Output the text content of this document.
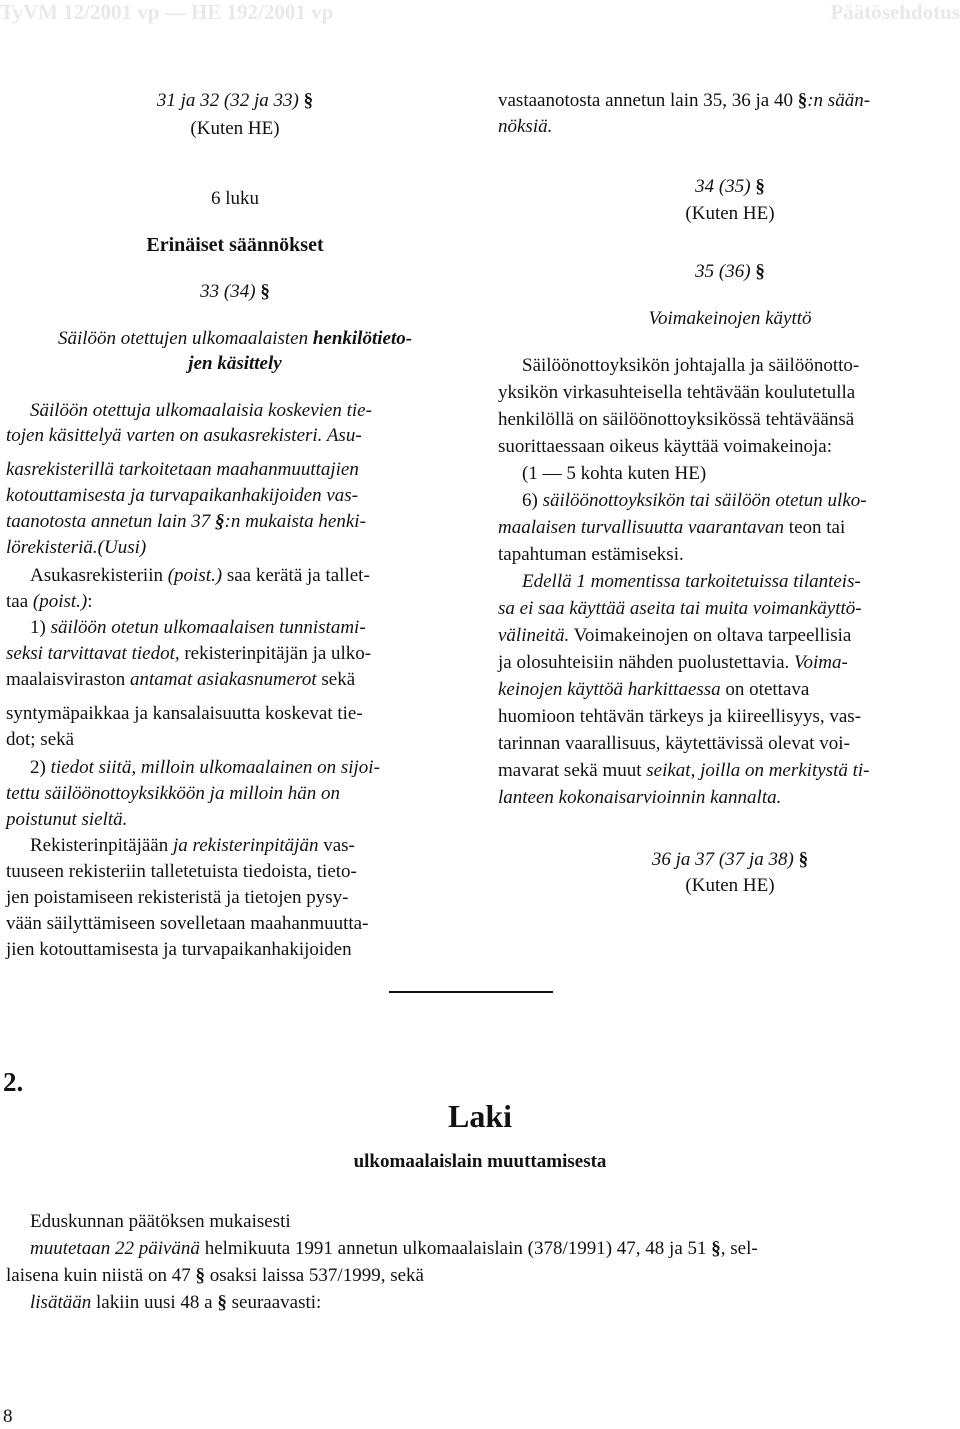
TyVM 12/2001 vp — HE 192/2001 vp	Päätösehdotus
31 ja 32 (32 ja 33) §
(Kuten HE)
6 luku
Erinäiset säännökset
33 (34) §
Säilöön otettujen ulkomaalaisten henkilötieto-
jen käsittely
Säilöön otettuja ulkomaalaisia koskevien tie-
tojen käsittelyä varten on asukasrekisteri. Asu-
kasrekisterillä tarkoitetaan maahanmuuttajien
kotouttamisesta ja turvapaikanhakijoiden vas-
taanotosta annetun lain 37 §:n mukaista henki-
lörekisteriä.(Uusi)
Asukasrekisteriin (poist.) saa kerätä ja tallet-
taa (poist.):
1) säilöön otetun ulkomaalaisen tunnistami-
seksi tarvittavat tiedot, rekisterinpitäjän ja ulko-
maalaisviraston antamat asiakasnumerot sekä
syntymäpaikkaa ja kansalaisuutta koskevat tie-
dot; sekä
2) tiedot siitä, milloin ulkomaalainen on sijoi-
tettu säilöönottoyksikköön ja milloin hän on
poistunut sieltä.
Rekisterinpitäjään ja rekisterinpitäjän vas-
tuuseen rekisteriin talletetuista tiedoista, tieto-
jen poistamiseen rekisteristä ja tietojen pysy-
vään säilyttämiseen sovelletaan maahanmuutta-
jien kotouttamisesta ja turvapaikanhakijoiden
vastaanotosta annetun lain 35, 36 ja 40 §:n sään-
nöksiä.
34 (35) §
(Kuten HE)
35 (36) §
Voimakeinojen käyttö
Säilöönottoyksikön johtajalla ja säilöönotto-
yksikön virkasuhteisella tehtävään koulutetulla
henkilöllä on säilöönottoyksikössä tehtäväänsä
suorittaessaan oikeus käyttää voimakeinoja:
(1 — 5 kohta kuten HE)
6) säilöönottoyksikön tai säilöön otetun ulko-
maalaisen turvallisuutta vaarantavan teon tai
tapahtuman estämiseksi.
Edellä 1 momentissa tarkoitetuissa tilanteis-
sa ei saa käyttää aseita tai muita voimankäyttö-
välineitä. Voimakeinojen on oltava tarpeellisia
ja olosuhteisiin nähden puolustettavia. Voima-
keinojen käyttöä harkittaessa on otettava
huomioon tehtävän tärkeys ja kiireellisyys, vas-
tarinnan vaarallisuus, käytettävissä olevat voi-
mavarat sekä muut seikat, joilla on merkitystä ti-
lanteen kokonaisarvioinnin kannalta.
36 ja 37 (37 ja 38) §
(Kuten HE)
2.
Laki
ulkomaalaislain muuttamisesta
Eduskunnan päätöksen mukaisesti
muutetaan 22 päivänä helmikuuta 1991 annetun ulkomaalaislain (378/1991) 47, 48 ja 51 §, sel-
laisena kuin niistä on 47 § osaksi laissa 537/1999, sekä
lisätään lakiin uusi 48 a § seuraavasti:
8
